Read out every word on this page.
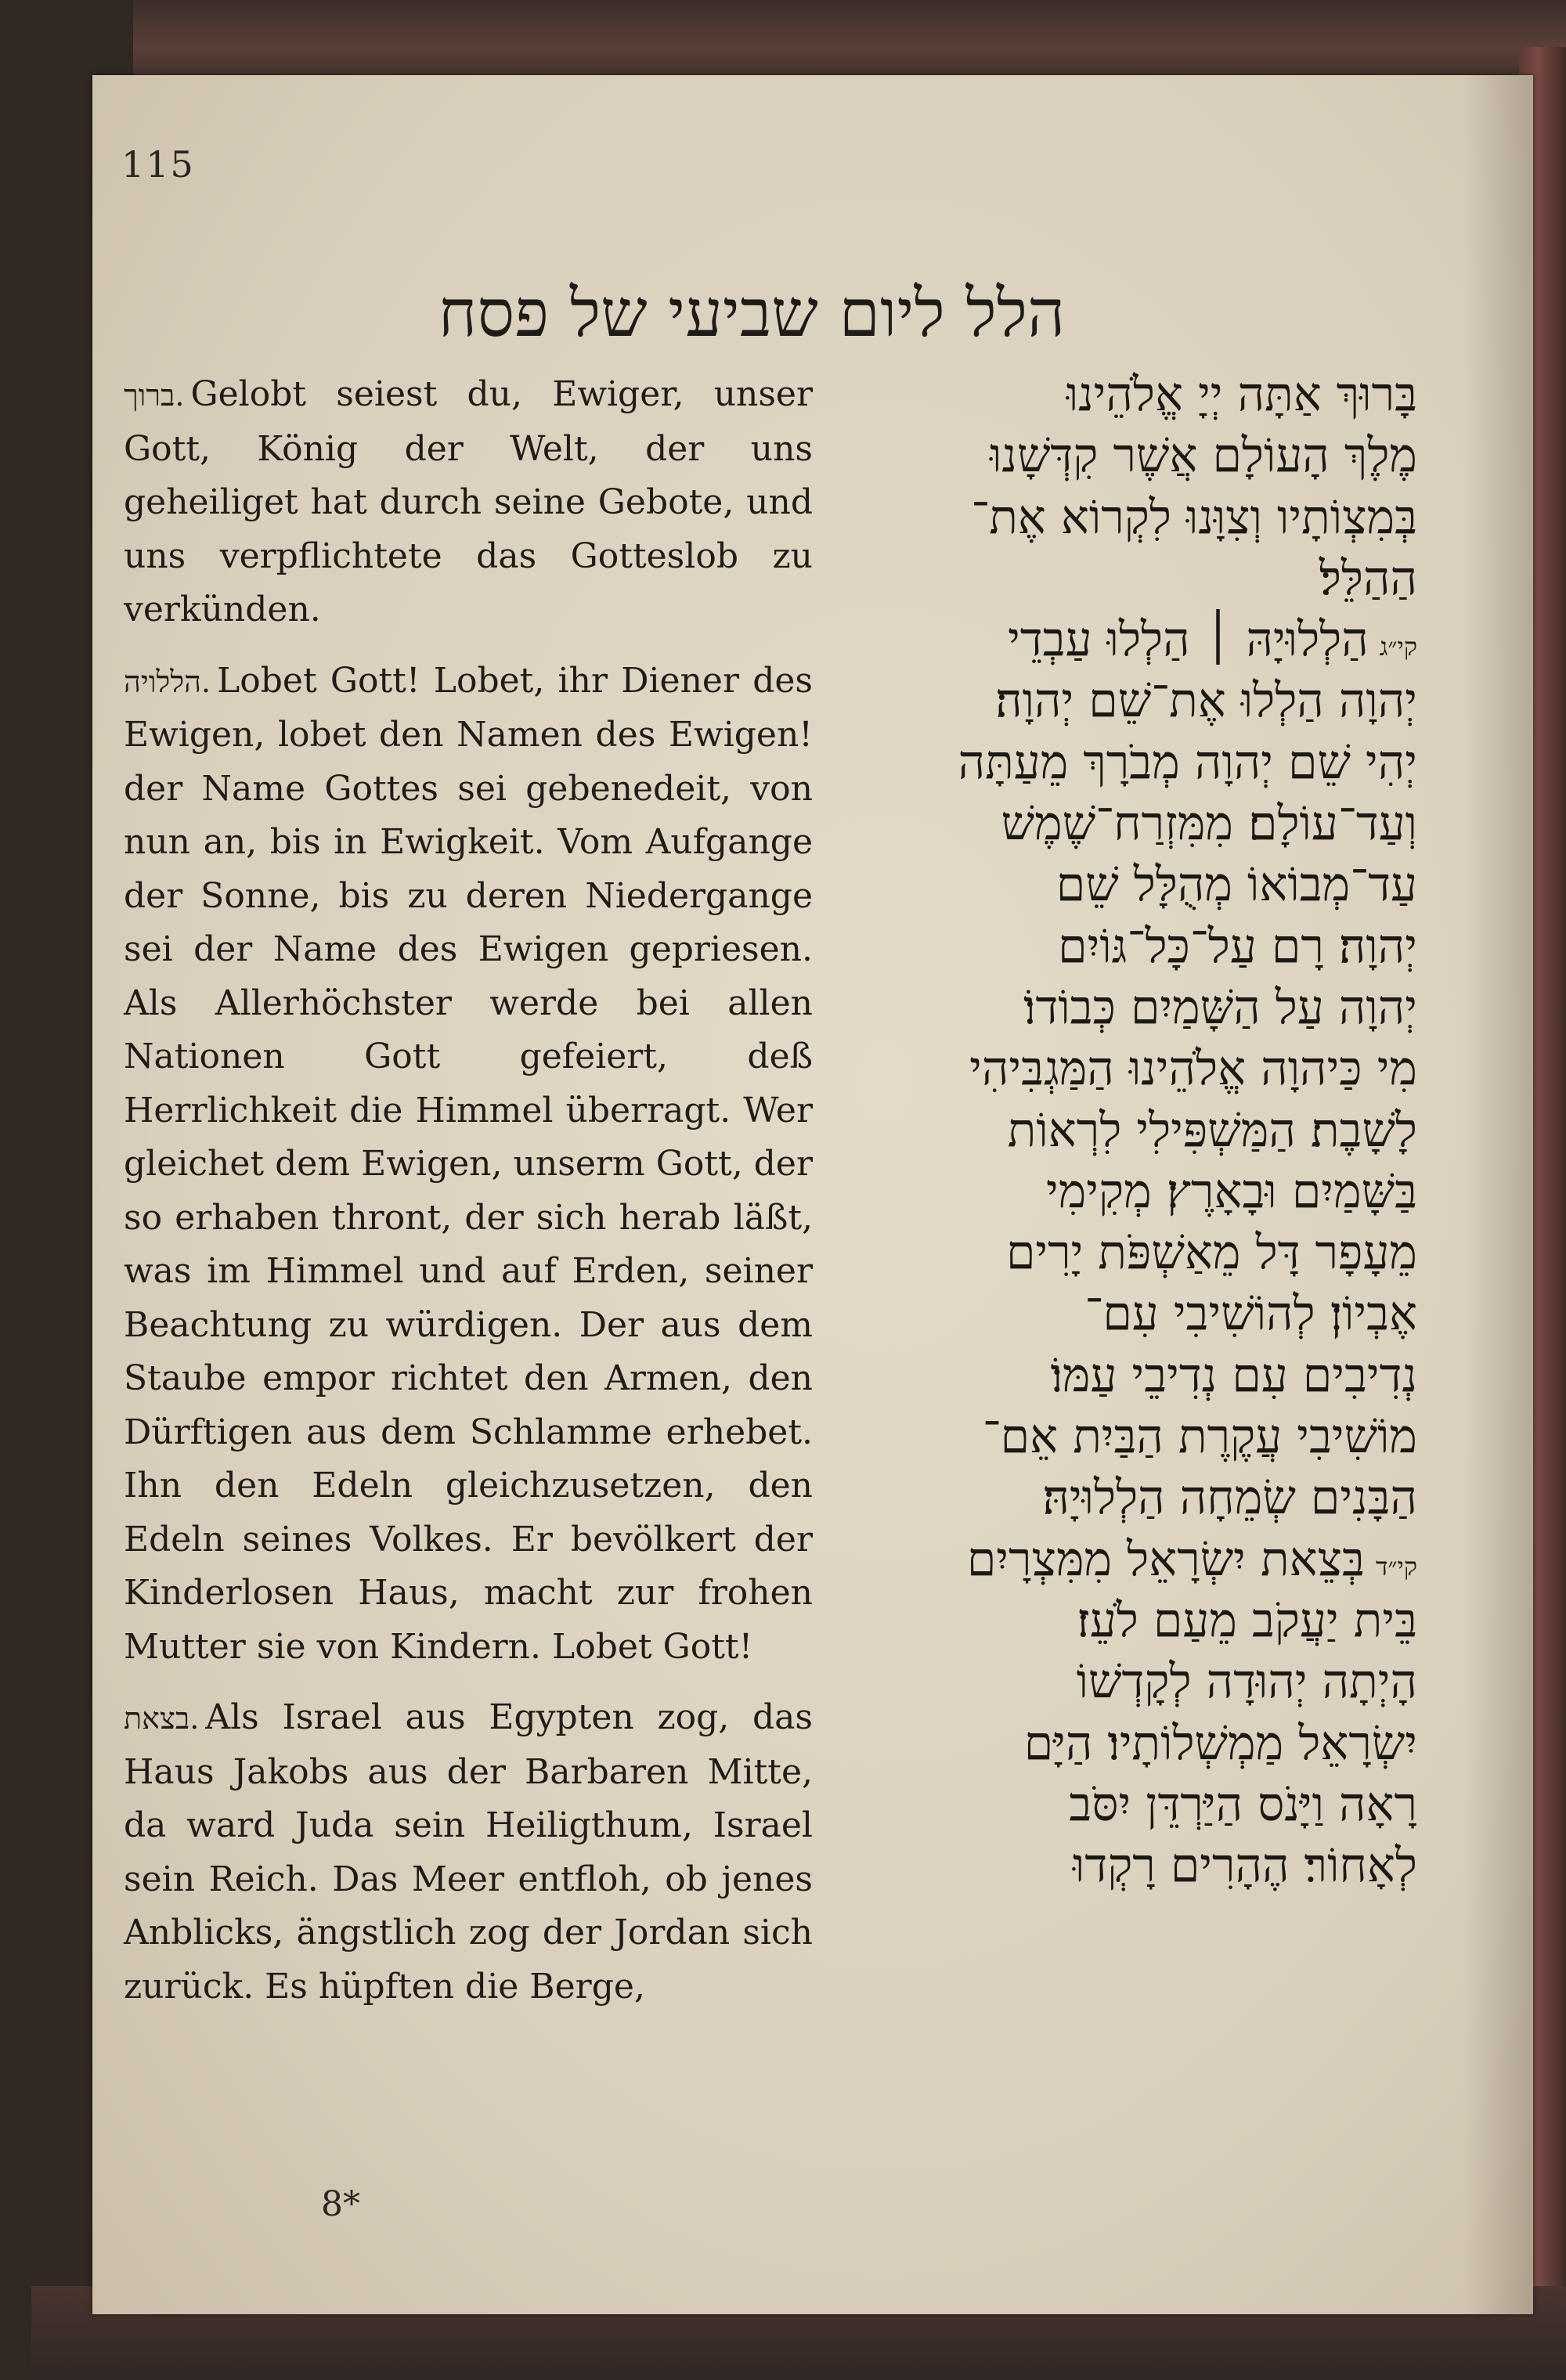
115
הלל ליום שביעי של פסח

ברוך. Gelobt seiest du, Ewiger, unser Gott, König der Welt, der uns geheiliget hat durch seine Gebote, und uns verpflichtete das Gotteslob zu verkünden.

הללויה. Lobet Gott! Lobet, ihr Diener des Ewigen, lobet den Namen des Ewigen! der Name Gottes sei gebenedeit, von nun an, bis in Ewigkeit. Vom Aufgange der Sonne, bis zu deren Niedergange sei der Name des Ewigen gepriesen. Als Allerhöchster werde bei allen Nationen Gott gefeiert, deß Herrlichkeit die Himmel überragt. Wer gleichet dem Ewigen, unserm Gott, der so erhaben thront, der sich herab läßt, was im Himmel und auf Erden, seiner Beachtung zu würdigen. Der aus dem Staube empor richtet den Armen, den Dürftigen aus dem Schlamme erhebet. Ihn den Edeln gleichzusetzen, den Edeln seines Volkes. Er bevölkert der Kinderlosen Haus, macht zur frohen Mutter sie von Kindern. Lobet Gott!

בצאת. Als Israel aus Egypten zog, das Haus Jakobs aus der Barbaren Mitte, da ward Juda sein Heiligthum, Israel sein Reich. Das Meer entfloh, ob jenes Anblicks, ängstlich zog der Jordan sich zurück. Es hüpften die Berge,

בָּרוּךְ אַתָּה יְיָ אֱלֹהֵינוּ
מֶלֶךְ הָעוֹלָם אֲשֶׁר קִדְּשָׁנוּ
בְּמִצְוֹתָיו וְצִוָּנוּ לִקְרוֹא אֶת־
הַהַלֵּל׃
קי״גהַלְלוּיָהּ ׀ הַלְלוּ עַבְדֵי
יְהוָה הַלְלוּ אֶת־שֵׁם יְהוָה׃
יְהִי שֵׁם יְהוָה מְבֹרָךְ מֵעַתָּה
וְעַד־עוֹלָם׃ מִמִּזְרַח־שֶׁמֶשׁ
עַד־מְבוֹאוֹ מְהֻלָּל שֵׁם
יְהוָה׃ רָם עַל־כָּל־גּוֹיִם
יְהוָה עַל הַשָּׁמַיִם כְּבוֹדוֹ׃
מִי כַּיהוָה אֱלֹהֵינוּ הַמַּגְבִּיהִי
לָשָׁבֶת׃ הַמַּשְׁפִּילִי לִרְאוֹת
בַּשָּׁמַיִם וּבָאָרֶץ׃ מְקִימִי
מֵעָפָר דָּל מֵאַשְׁפֹּת יָרִים
אֶבְיוֹן׃ לְהוֹשִׁיבִי עִם־
נְדִיבִים עִם נְדִיבֵי עַמּוֹ׃
מוֹשִׁיבִי עֲקֶרֶת הַבַּיִת אֵם־
הַבָּנִים שְׂמֵחָה הַלְלוּיָהּ׃
קי״דבְּצֵאת יִשְׂרָאֵל מִמִּצְרָיִם
בֵּית יַעֲקֹב מֵעַם לֹעֵז׃
הָיְתָה יְהוּדָה לְקָדְשׁוֹ
יִשְׂרָאֵל מַמְשְׁלוֹתָיו׃ הַיָּם
רָאָה וַיָּנֹס הַיַּרְדֵּן יִסֹּב
לְאָחוֹר׃ הֶהָרִים רָקְדוּ
8*
